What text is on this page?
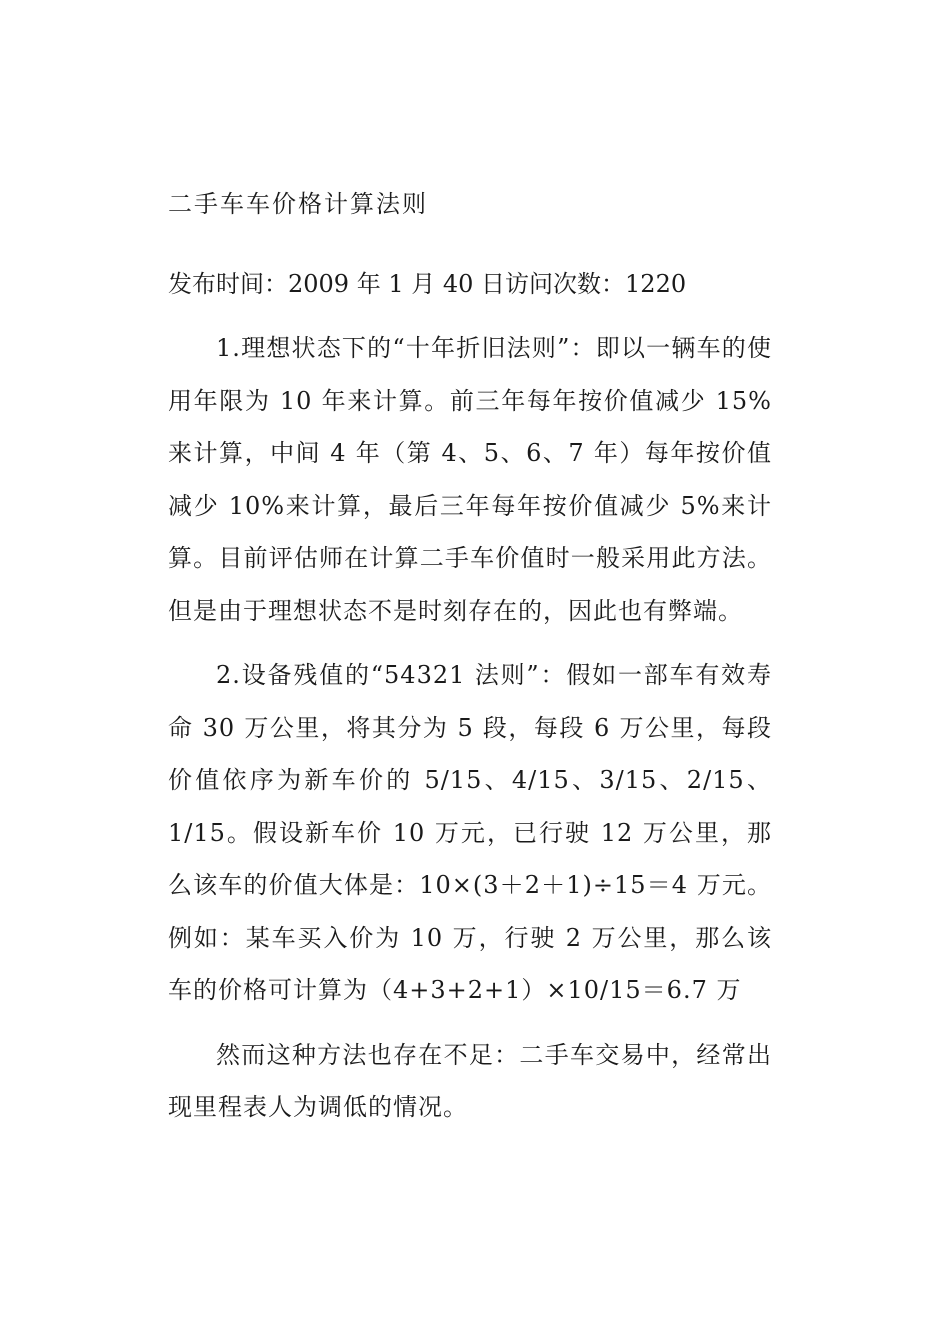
二手车车价格计算法则

发布时间：2009 年 1 月 40 日访问次数：1220

1.理想状态下的“十年折旧法则”：即以一辆车的使用年限为 10 年来计算。前三年每年按价值减少 15%来计算，中间 4 年（第 4、5、6、7 年）每年按价值减少 10%来计算，最后三年每年按价值减少 5%来计算。目前评估师在计算二手车价值时一般采用此方法。但是由于理想状态不是时刻存在的，因此也有弊端。

2.设备残值的“54321 法则”：假如一部车有效寿命 30 万公里，将其分为 5 段，每段 6 万公里，每段价值依序为新车价的 5/15、4/15、3/15、2/15、1/15。假设新车价 10 万元，已行驶 12 万公里，那么该车的价值大体是：10×(3＋2＋1)÷15＝4 万元。例如：某车买入价为 10 万，行驶 2 万公里，那么该车的价格可计算为（4+3+2+1）×10/15＝6.7 万

然而这种方法也存在不足：二手车交易中，经常出现里程表人为调低的情况。
